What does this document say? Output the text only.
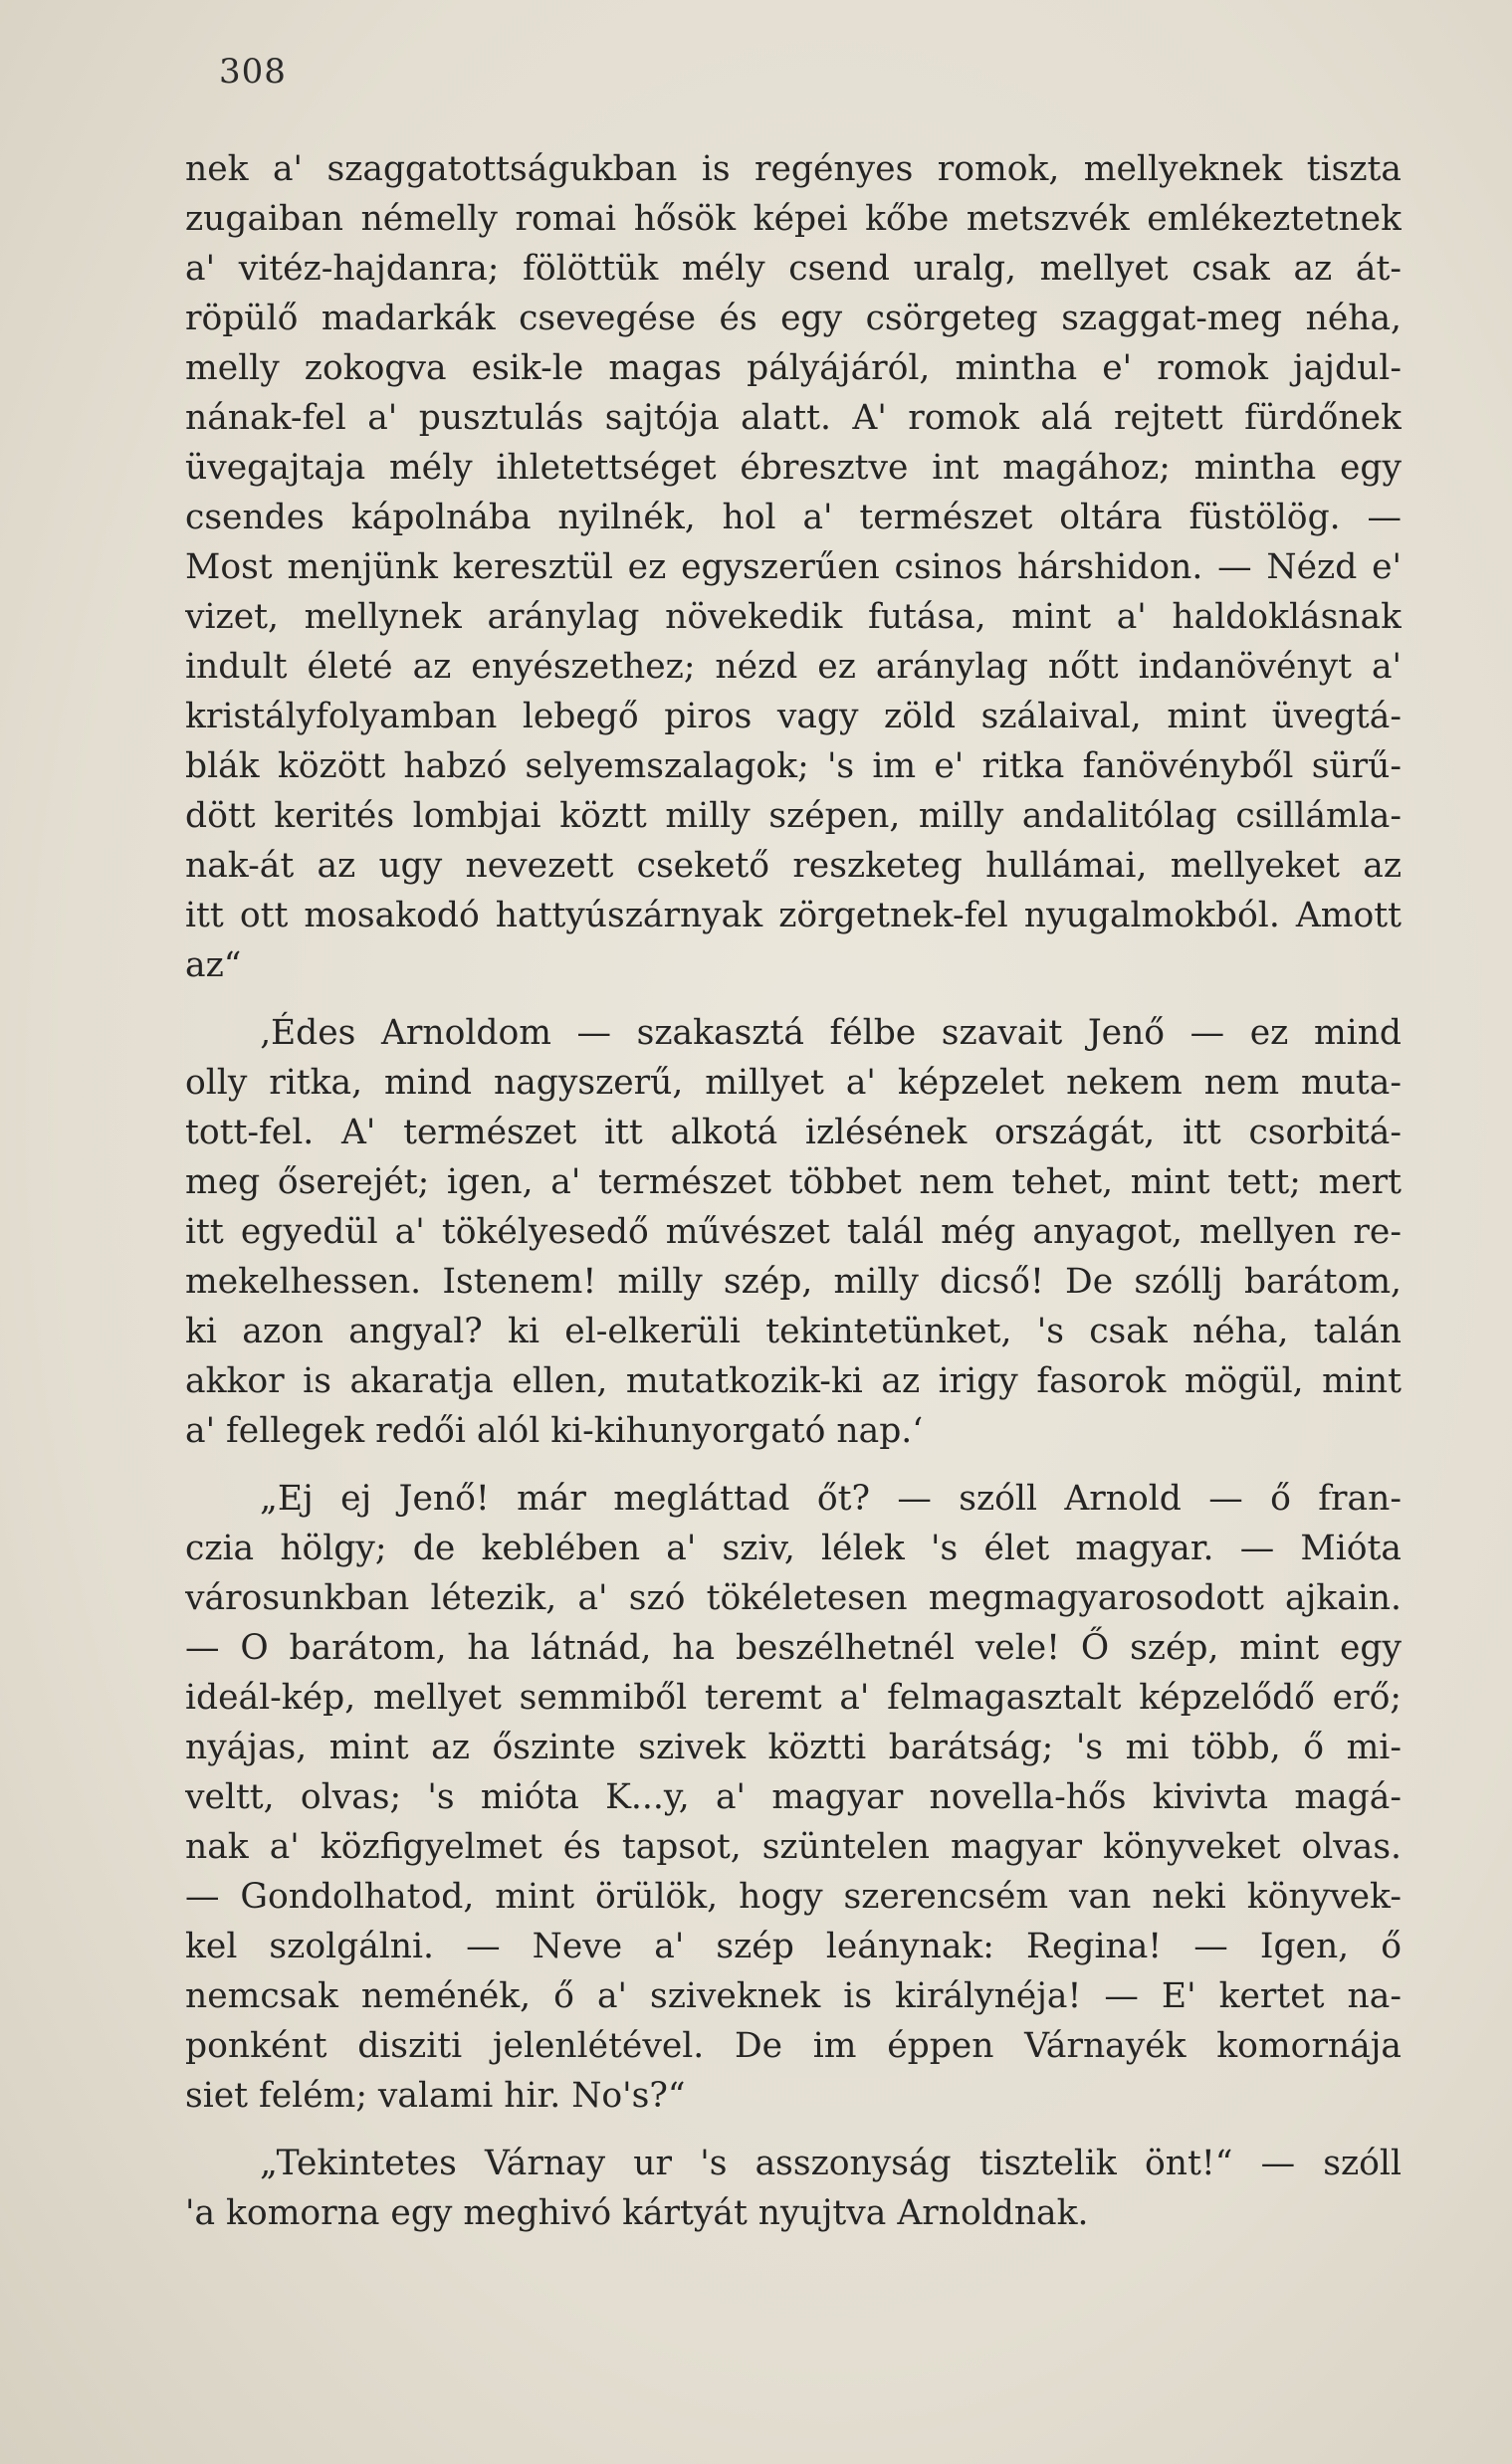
308
nek a' szaggatottságukban is regényes romok, mellyeknek tiszta
zugaiban némelly romai hősök képei kőbe metszvék emlékeztetnek
a' vitéz-hajdanra; fölöttük mély csend uralg, mellyet csak az át-
röpülő madarkák csevegése és egy csörgeteg szaggat-meg néha,
melly zokogva esik-le magas pályájáról, mintha e' romok jajdul-
nának-fel a' pusztulás sajtója alatt. A' romok alá rejtett fürdőnek
üvegajtaja mély ihletettséget ébresztve int magához; mintha egy
csendes kápolnába nyilnék, hol a' természet oltára füstölög. —
Most menjünk keresztül ez egyszerűen csinos hárshidon. — Nézd e'
vizet, mellynek aránylag növekedik futása, mint a' haldoklásnak
indult életé az enyészethez; nézd ez aránylag nőtt indanövényt a'
kristályfolyamban lebegő piros vagy zöld szálaival, mint üvegtá-
blák között habzó selyemszalagok; 's im e' ritka fanövényből sürű-
dött kerités lombjai köztt milly szépen, milly andalitólag csillámla-
nak-át az ugy nevezett csekető reszketeg hullámai, mellyeket az
itt ott mosakodó hattyúszárnyak zörgetnek-fel nyugalmokból. Amott
az“
‚Édes Arnoldom — szakasztá félbe szavait Jenő — ez mind
olly ritka, mind nagyszerű, millyet a' képzelet nekem nem muta-
tott-fel. A' természet itt alkotá izlésének országát, itt csorbitá-
meg őserejét; igen, a' természet többet nem tehet, mint tett; mert
itt egyedül a' tökélyesedő művészet talál még anyagot, mellyen re-
mekelhessen. Istenem! milly szép, milly dicső! De szóllj barátom,
ki azon angyal? ki el-elkerüli tekintetünket, 's csak néha, talán
akkor is akaratja ellen, mutatkozik-ki az irigy fasorok mögül, mint
a' fellegek redői alól ki-kihunyorgató nap.‘
„Ej ej Jenő! már megláttad őt? — szóll Arnold — ő fran-
czia hölgy; de keblében a' sziv, lélek 's élet magyar. — Mióta
városunkban létezik, a' szó tökéletesen megmagyarosodott ajkain.
— O barátom, ha látnád, ha beszélhetnél vele! Ő szép, mint egy
ideál-kép, mellyet semmiből teremt a' felmagasztalt képzelődő erő;
nyájas, mint az őszinte szivek köztti barátság; 's mi több, ő mi-
veltt, olvas; 's mióta K...y, a' magyar novella-hős kivivta magá-
nak a' közfigyelmet és tapsot, szüntelen magyar könyveket olvas.
— Gondolhatod, mint örülök, hogy szerencsém van neki könyvek-
kel szolgálni. — Neve a' szép leánynak: Regina! — Igen, ő
nemcsak neménék, ő a' sziveknek is királynéja! — E' kertet na-
ponként disziti jelenlétével. De im éppen Várnayék komornája
siet felém; valami hir. No's?“
„Tekintetes Várnay ur 's asszonyság tisztelik önt!“ — szóll
'a komorna egy meghivó kártyát nyujtva Arnoldnak.
